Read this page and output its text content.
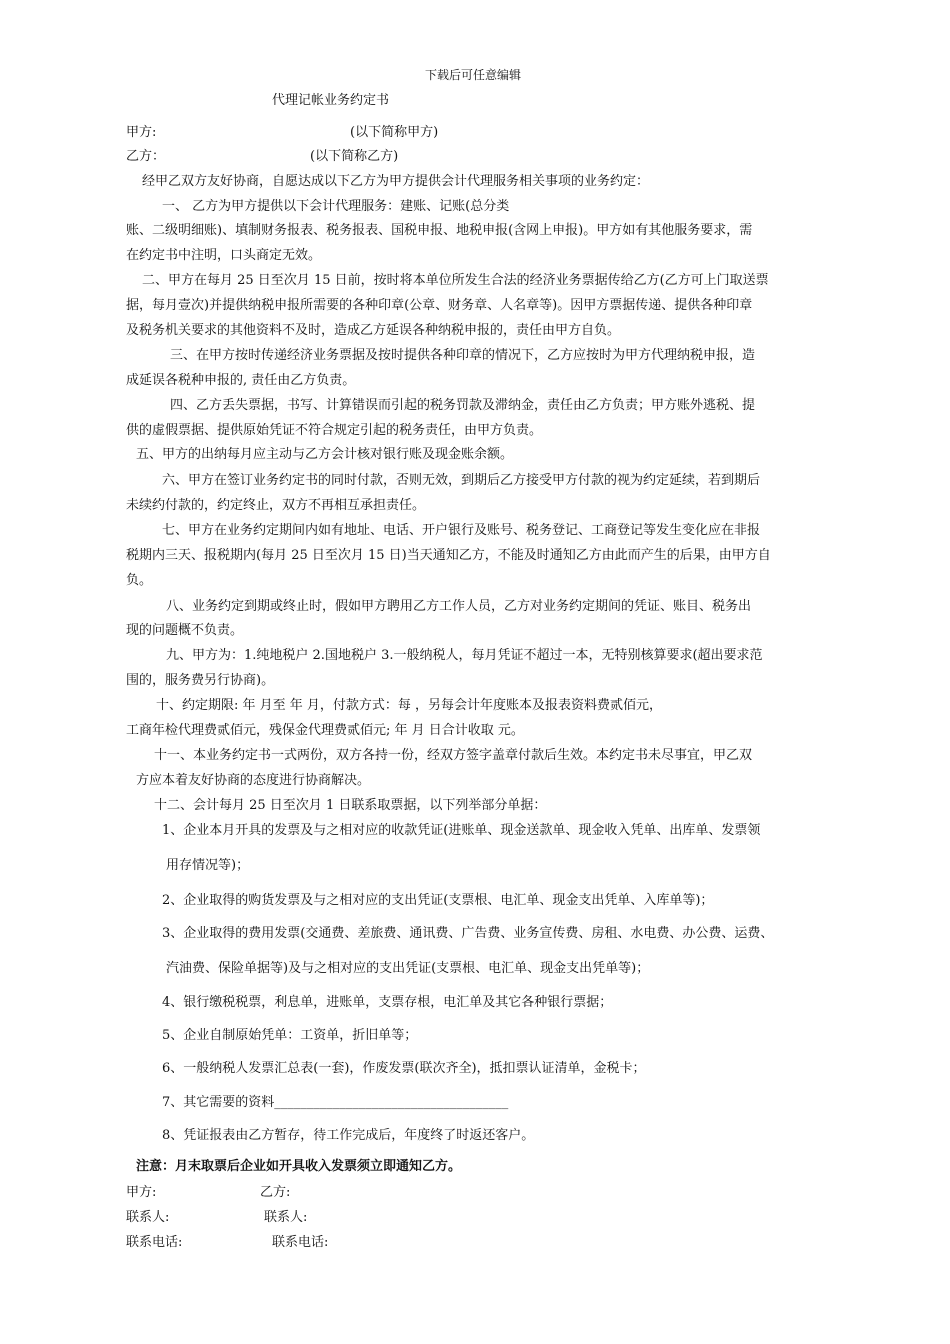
下载后可任意编辑
代理记帐业务约定书
甲方:	(以下简称甲方)
乙方：	(以下简称乙方)
经甲乙双方友好协商，自愿达成以下乙方为甲方提供会计代理服务相关事项的业务约定：
一、 乙方为甲方提供以下会计代理服务：建账、记账(总分类
账、二级明细账)、填制财务报表、税务报表、国税申报、地税申报(含网上申报)。甲方如有其他服务要求，需
在约定书中注明，口头商定无效。
二、甲方在每月 25 日至次月 15 日前，按时将本单位所发生合法的经济业务票据传给乙方(乙方可上门取送票
据，每月壹次)并提供纳税申报所需要的各种印章(公章、财务章、人名章等)。因甲方票据传递、提供各种印章
及税务机关要求的其他资料不及时，造成乙方延误各种纳税申报的，责任由甲方自负。
三、在甲方按时传递经济业务票据及按时提供各种印章的情况下，乙方应按时为甲方代理纳税申报，造
成延误各税种申报的, 责任由乙方负责。
四、乙方丢失票据，书写、计算错误而引起的税务罚款及滞纳金，责任由乙方负责；甲方账外逃税、提
供的虚假票据、提供原始凭证不符合规定引起的税务责任，由甲方负责。
五、甲方的出纳每月应主动与乙方会计核对银行账及现金账余额。
六、甲方在签订业务约定书的同时付款，否则无效，到期后乙方接受甲方付款的视为约定延续，若到期后
未续约付款的，约定终止，双方不再相互承担责任。
七、甲方在业务约定期间内如有地址、电话、开户银行及账号、税务登记、工商登记等发生变化应在非报
税期内三天、报税期内(每月 25 日至次月 15 日)当天通知乙方，不能及时通知乙方由此而产生的后果，由甲方自
负。
八、业务约定到期或终止时，假如甲方聘用乙方工作人员，乙方对业务约定期间的凭证、账目、税务出
现的问题概不负责。
九、甲方为：1.纯地税户 2.国地税户 3.一般纳税人，每月凭证不超过一本，无特别核算要求(超出要求范
围的，服务费另行协商)。
十、约定期限: 年 月至 年 月，付款方式：每 ，另每会计年度账本及报表资料费贰佰元，
工商年检代理费贰佰元，残保金代理费贰佰元; 年 月 日合计收取 元。
十一、本业务约定书一式两份，双方各持一份，经双方签字盖章付款后生效。本约定书未尽事宜，甲乙双
方应本着友好协商的态度进行协商解决。
十二、会计每月 25 日至次月 1 日联系取票据，以下列举部分单据：
1、企业本月开具的发票及与之相对应的收款凭证(进账单、现金送款单、现金收入凭单、出库单、发票领
用存情况等)；
2、企业取得的购货发票及与之相对应的支出凭证(支票根、电汇单、现金支出凭单、入库单等)；
3、企业取得的费用发票(交通费、差旅费、通讯费、广告费、业务宣传费、房租、水电费、办公费、运费、
汽油费、保险单据等)及与之相对应的支出凭证(支票根、电汇单、现金支出凭单等)；
4、银行缴税税票，利息单，进账单，支票存根，电汇单及其它各种银行票据；
5、企业自制原始凭单：工资单，折旧单等；
6、一般纳税人发票汇总表(一套)，作废发票(联次齐全)，抵扣票认证清单，金税卡；
7、其它需要的资料____________________________________
8、凭证报表由乙方暂存，待工作完成后，年度终了时返还客户。
注意：月末取票后企业如开具收入发票须立即通知乙方。
甲方:	乙方:
联系人:	联系人:
联系电话:	联系电话:
